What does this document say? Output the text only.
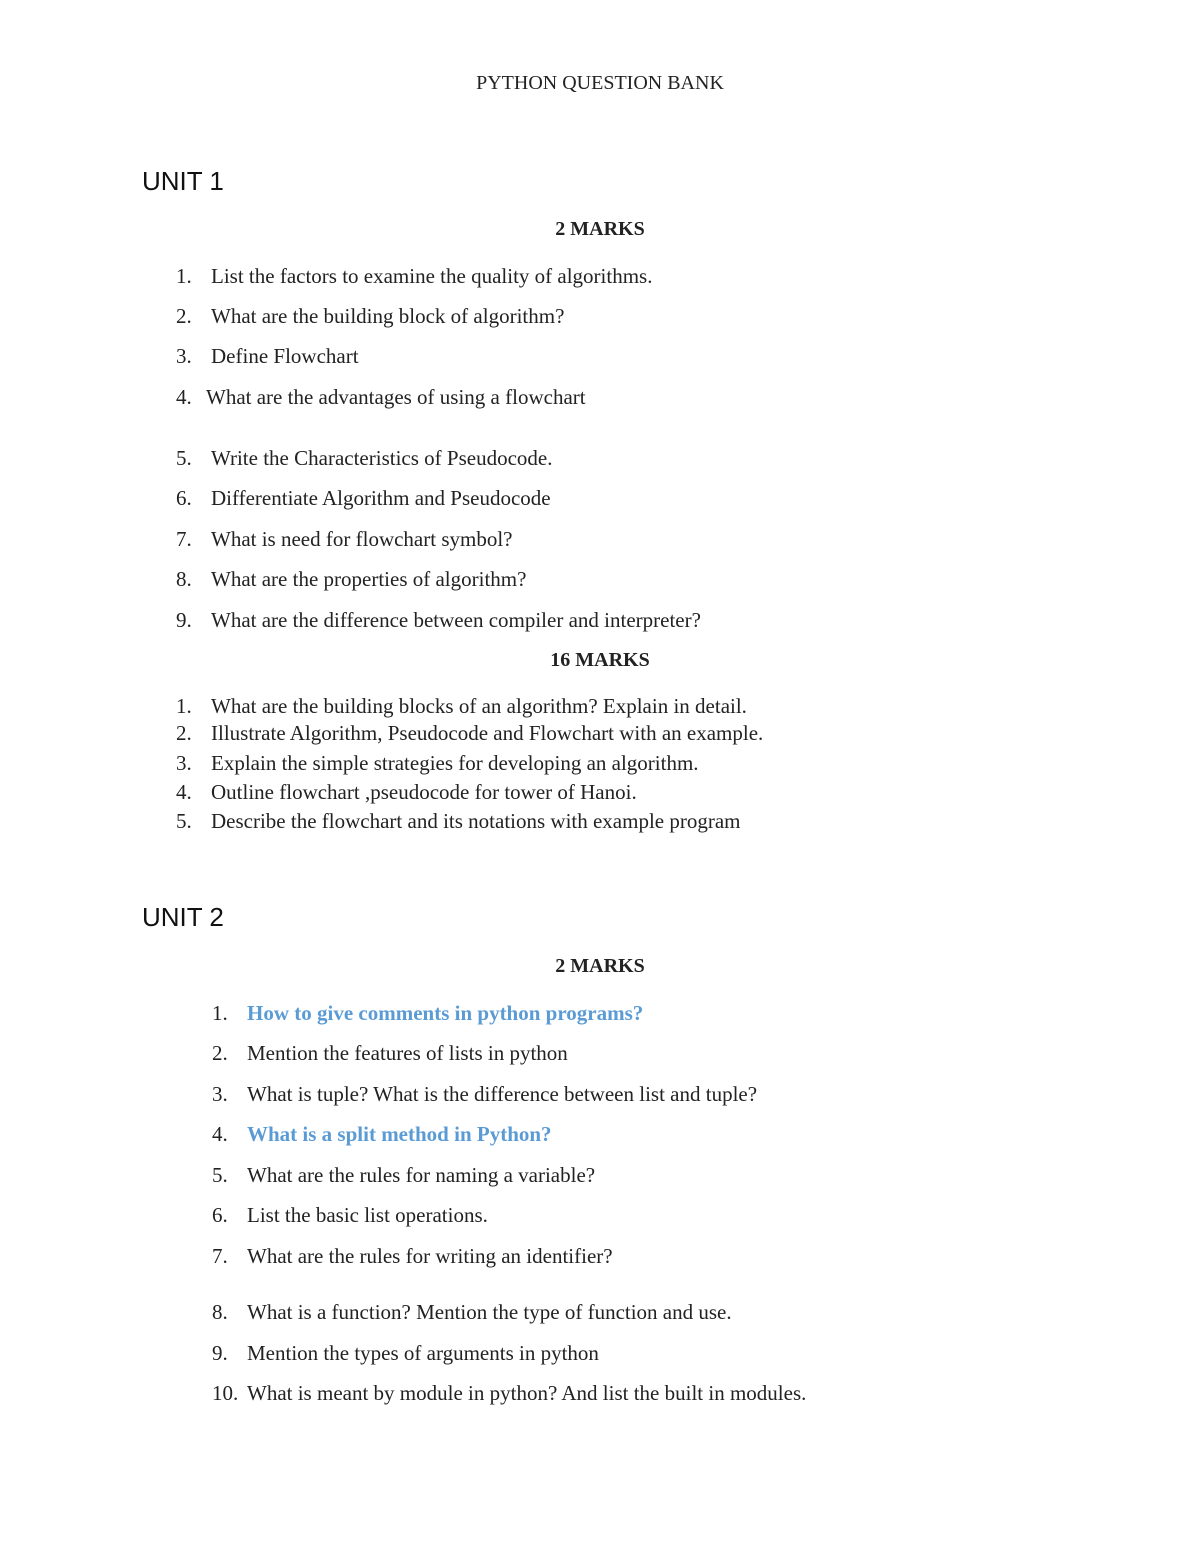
PYTHON QUESTION BANK
UNIT 1
2 MARKS
1. List the factors to examine the quality of algorithms.
2. What are the building block of algorithm?
3. Define Flowchart
4. What are the advantages of using a flowchart
5. Write the Characteristics of Pseudocode.
6. Differentiate Algorithm and Pseudocode
7. What is need for flowchart symbol?
8. What are the properties of algorithm?
9. What are the difference between compiler and interpreter?
16 MARKS
1. What are the building blocks of an algorithm? Explain in detail.
2. Illustrate Algorithm, Pseudocode and Flowchart with an example.
3. Explain the simple strategies for developing an algorithm.
4. Outline flowchart ,pseudocode for tower of Hanoi.
5. Describe the flowchart and its notations with example program
UNIT 2
2 MARKS
1. How to give comments in python programs?
2. Mention the features of lists in python
3. What is tuple? What is the difference between list and tuple?
4. What is a split method in Python?
5. What are the rules for naming a variable?
6. List the basic list operations.
7. What are the rules for writing an identifier?
8. What is a function? Mention the type of function and use.
9. Mention the types of arguments in python
10. What is meant by module in python? And list the built in modules.
